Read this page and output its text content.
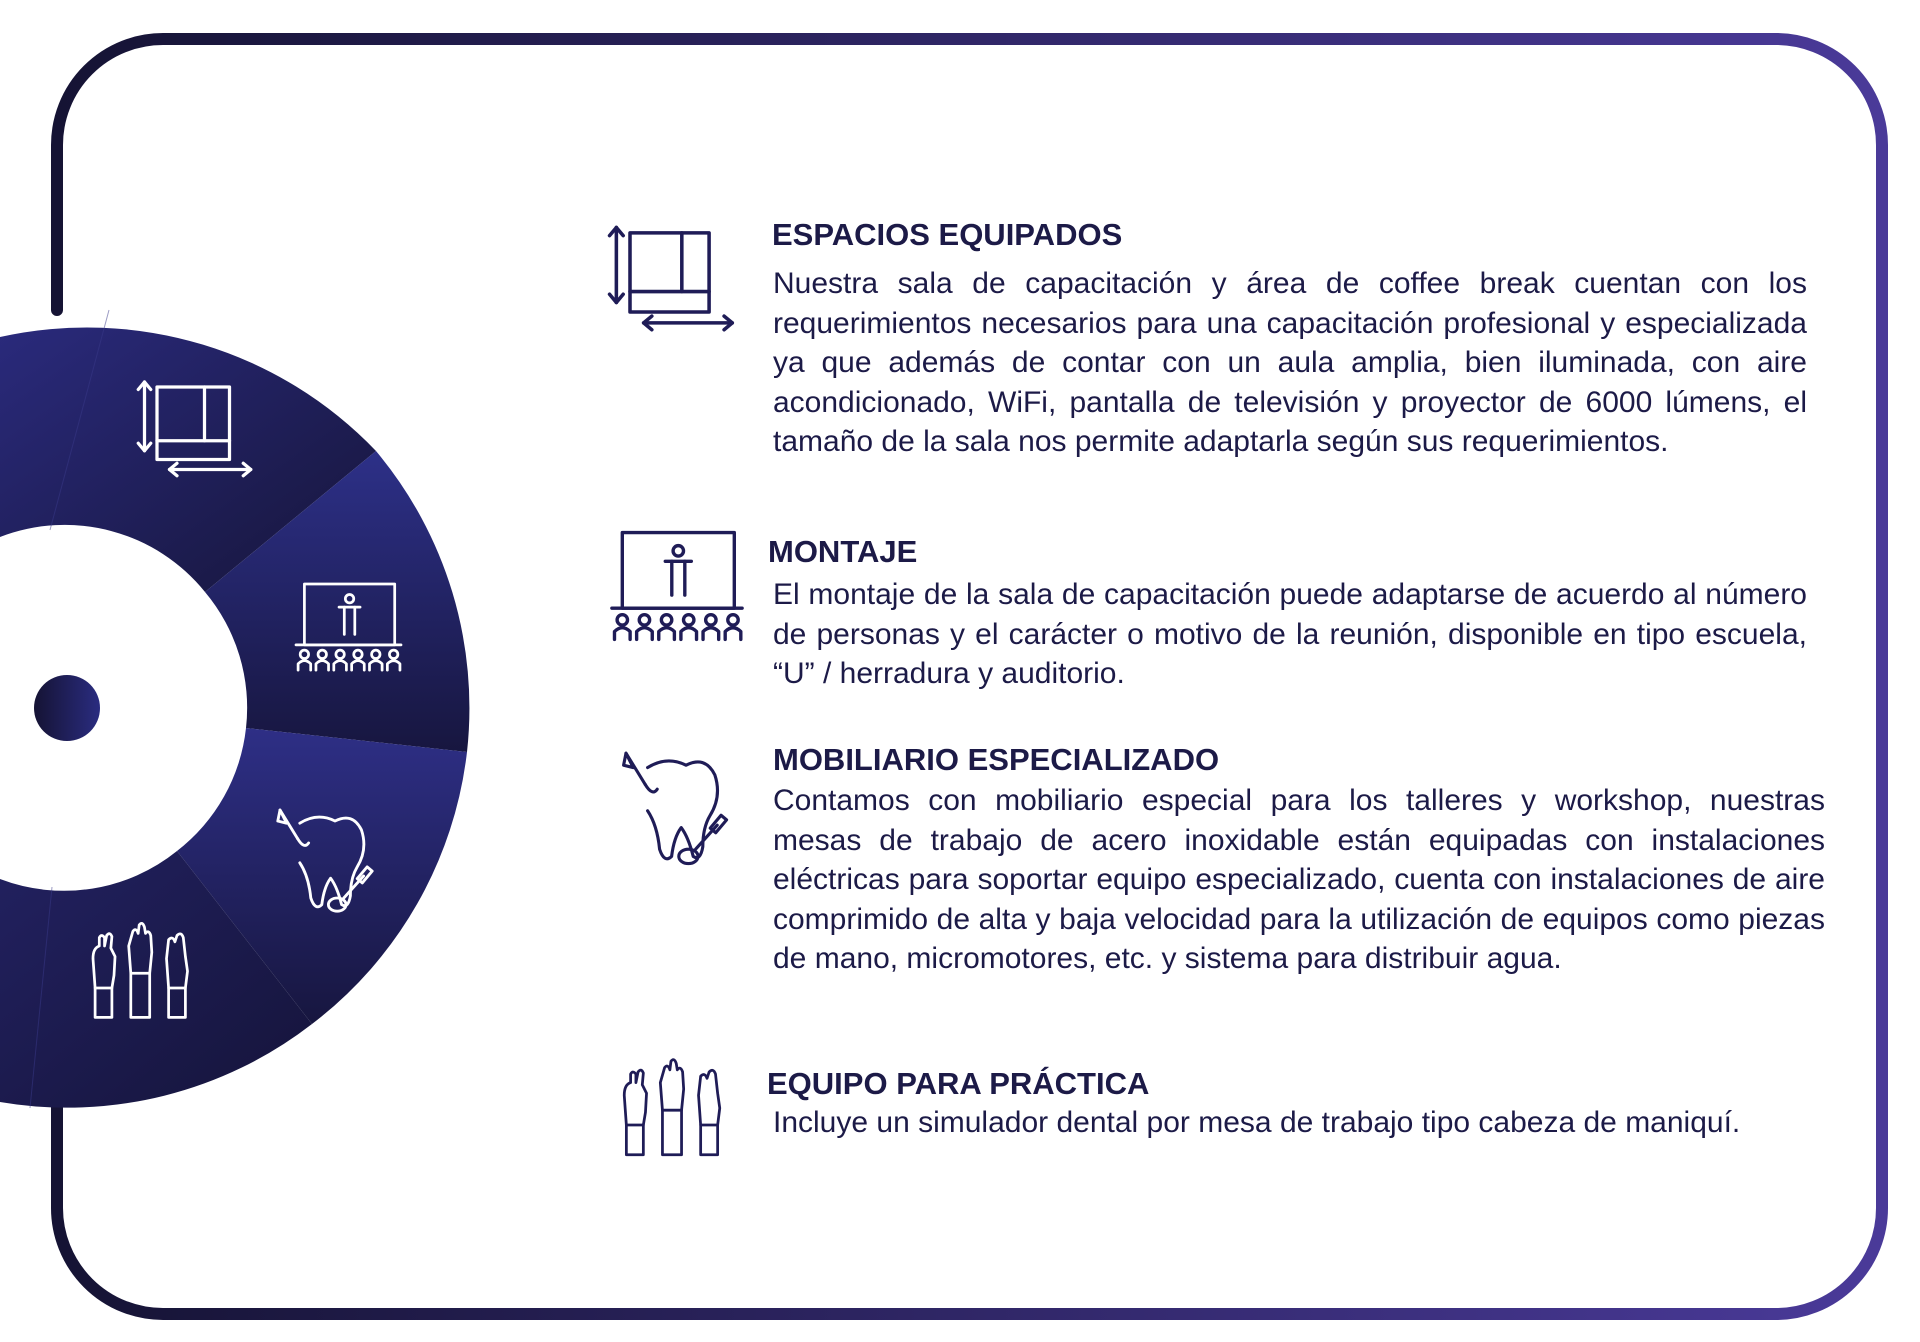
ESPACIOS EQUIPADOS

Nuestra sala de capacitación y área de coffee break cuentan con los requerimientos necesarios para una capacitación profesional y especializada ya que además de contar con un aula amplia, bien iluminada, con aire acondicionado, WiFi, pantalla de televisión y proyector de 6000 lúmens, el tamaño de la sala nos permite adaptarla según sus requerimientos.

MONTAJE

El montaje de la sala de capacitación puede adaptarse de acuerdo al número de personas y el carácter o motivo de la reunión, disponible en tipo escuela, “U” / herradura y auditorio.

MOBILIARIO ESPECIALIZADO

Contamos con mobiliario especial para los talleres y workshop, nuestras mesas de trabajo de acero inoxidable están equipadas con instalaciones eléctricas para soportar equipo especializado, cuenta con instalaciones de aire comprimido de alta y baja velocidad para la utilización de equipos como piezas de mano, micromotores, etc. y sistema para distribuir agua.

EQUIPO PARA PRÁCTICA

Incluye un simulador dental por mesa de trabajo tipo cabeza de maniquí.
